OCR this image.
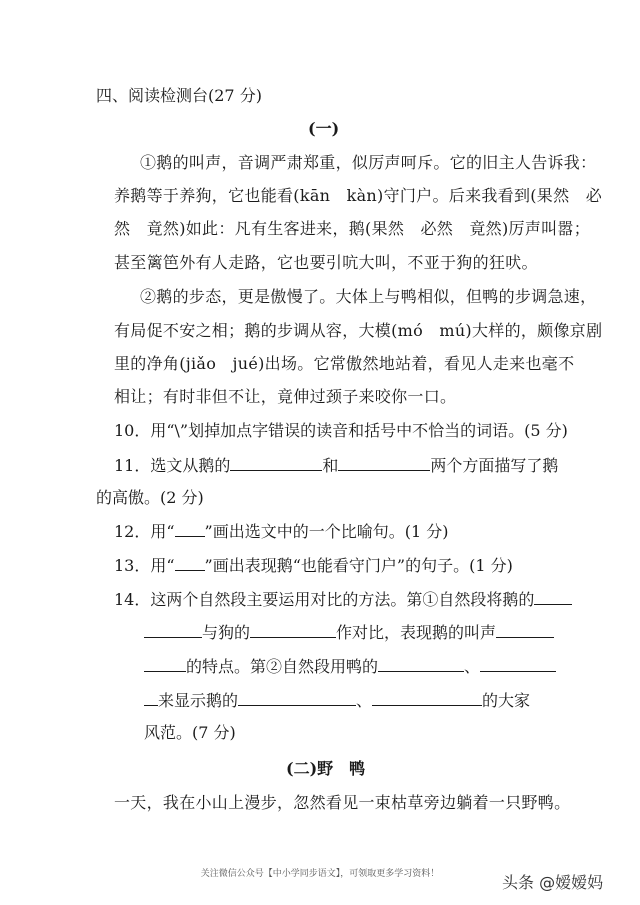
四、阅读检测台(27 分)
(一)
①鹅的叫声，音调严肃郑重，似厉声呵斥。它的旧主人告诉我：
养鹅等于养狗，它也能看(kān　kàn)守门户。后来我看到(果然　必
然　竟然)如此：凡有生客进来，鹅(果然　必然　竟然)厉声叫嚣；
甚至篱笆外有人走路，它也要引吭大叫，不亚于狗的狂吠。
②鹅的步态，更是傲慢了。大体上与鸭相似，但鸭的步调急速，
有局促不安之相；鹅的步调从容，大模(mó　mú)大样的，颇像京剧
里的净角(jiǎo　jué)出场。它常傲然地站着，看见人走来也毫不
相让；有时非但不让，竟伸过颈子来咬你一口。
10．用“\”划掉加点字错误的读音和括号中不恰当的词语。(5 分)
11．选文从鹅的	和	两个方面描写了鹅
的高傲。(2 分)
12．用“ ”画出选文中的一个比喻句。(1 分)
13．用“ ”画出表现鹅“也能看守门户”的句子。(1 分)
14．这两个自然段主要运用对比的方法。第①自然段将鹅的
与狗的	作对比，表现鹅的叫声
的特点。第②自然段用鸭的	、
来显示鹅的	、	的大家
风范。(7 分)
(二)野　鸭
一天，我在小山上漫步，忽然看见一束枯草旁边躺着一只野鸭。
关注微信公众号【中小学同步语文】，可领取更多学习资料！	头条 @嫒嫒妈
